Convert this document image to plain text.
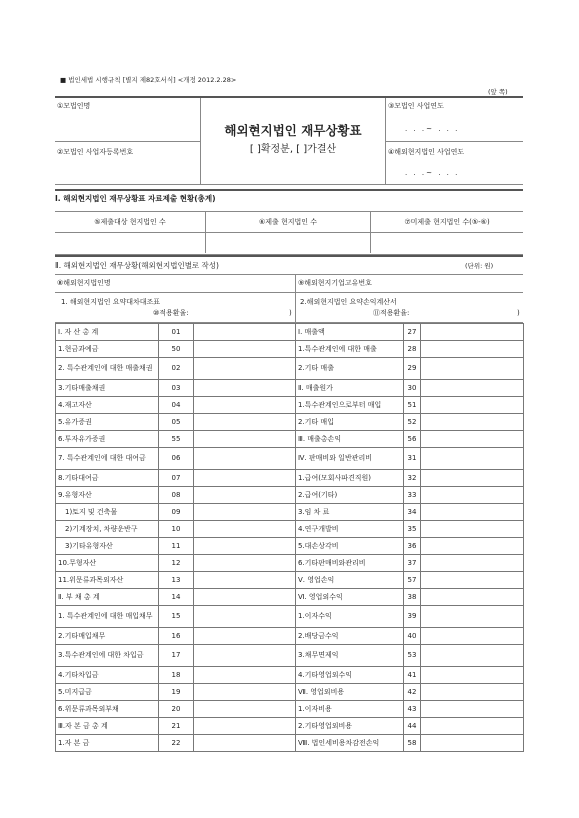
■ 법인세법 시행규칙 [별지 제82호서식] <개정 2012.2.28>
(앞 쪽)
①모법인명
②모법인 사업자등록번호
해외현지법인 재무상황표
[ ]확정분, [ ]가결산
③모법인 사업연도
. . .~ . . .
④해외현지법인 사업연도
. . .~ . . .
Ⅰ. 해외현지법인 재무상황표 자료제출 현황(총계)
⑤제출대상 현지법인 수	⑥제출 현지법인 수	⑦미제출 현지법인 수(⑤-⑥)
Ⅱ. 해외현지법인 재무상황(해외현지법인별로 작성)	(단위: 원)
⑧해외현지법인명	⑨해외현지기업고유번호
1. 해외현지법인 요약대차대조표
⑩적용환율:	)
2.해외현지법인 요약손익계산서
⑪적용환율:	)
Ⅰ. 자 산 총 계	01		Ⅰ. 매출액	27	
1.현금과예금	50		1.특수관계인에 대한 매출	28	
2. 특수관계인에 대한 매출채권	02		2.기타 매출	29	
3.기타매출채권	03		Ⅱ. 매출원가	30	
4.재고자산	04		1.특수관계인으로부터 매입	51	
5.유가증권	05		2.기타 매입	52	
6.투자유가증권	55		Ⅲ. 매출총손익	56	
7. 특수관계인에 대한 대여금	06		Ⅳ. 판매비와 일반관리비	31	
8.기타대여금	07		1.급여(모회사파견직원)	32	
9.유형자산	08		2.급여(기타)	33	
1)토지 및 건축물	09		3.임 차 료	34	
2)기계장치, 차량운반구	10		4.연구개발비	35	
3)기타유형자산	11		5.대손상각비	36	
10.무형자산	12		6.기타판매비와관리비	37	
11.위문류과목외자산	13		Ⅴ. 영업손익	57	
Ⅱ. 부 채 총 계	14		Ⅵ. 영업외수익	38	
1. 특수관계인에 대한 매입채무	15		1.이자수익	39	
2.기타매입채무	16		2.배당금수익	40	
3.특수관계인에 대한 차입금	17		3.채무면제익	53	
4.기타차입금	18		4.기타영업외수익	41	
5.미지급금	19		Ⅶ. 영업외비용	42	
6.위문류과목외부채	20		1.이자비용	43	
Ⅲ.자 본 금 총 계	21		2.기타영업외비용	44	
1.자 본 금	22		Ⅷ. 법인세비용차감전손익	58	
